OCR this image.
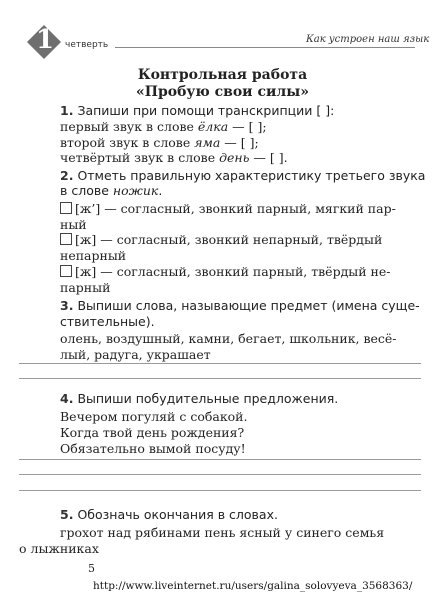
1 четверть	Как устроен наш язык
Контрольная работа
«Пробую свои силы»
1. Запиши при помощи транскрипции [ ]:
первый звук в слове ёлка — [ ];
второй звук в слове яма — [ ];
четвёртый звук в слове день — [ ].
2. Отметь правильную характеристику третьего звука
в слове ножик.
[ж’] — согласный, звонкий парный, мягкий пар-
ный
[ж] — согласный, звонкий непарный, твёрдый
непарный
[ж] — согласный, звонкий парный, твёрдый не-
парный
3. Выпиши слова, называющие предмет (имена суще-
ствительные).
олень, воздушный, камни, бегает, школьник, весё-
лый, радуга, украшает
4. Выпиши побудительные предложения.
Вечером погуляй с собакой.
Когда твой день рождения?
Обязательно вымой посуду!
5. Обозначь окончания в словах.
грохот над рябинами пень ясный у синего семья
о лыжниках
5
http://www.liveinternet.ru/users/galina_solovyeva_3568363/
